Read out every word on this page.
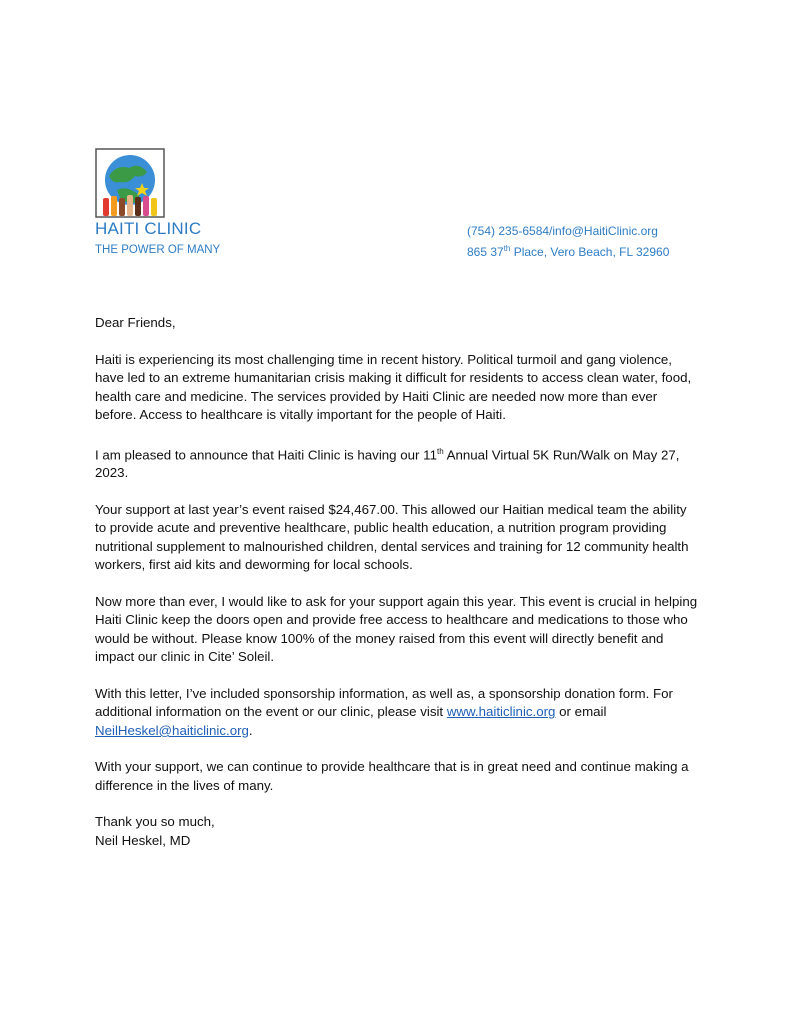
HAITI CLINIC
THE POWER OF MANY
(754) 235-6584/info@HaitiClinic.org
865 37th Place, Vero Beach, FL 32960

Dear Friends,

Haiti is experiencing its most challenging time in recent history. Political turmoil and gang violence, have led to an extreme humanitarian crisis making it difficult for residents to access clean water, food, health care and medicine. The services provided by Haiti Clinic are needed now more than ever before. Access to healthcare is vitally important for the people of Haiti.

I am pleased to announce that Haiti Clinic is having our 11th Annual Virtual 5K Run/Walk on May 27, 2023.

Your support at last year’s event raised $24,467.00. This allowed our Haitian medical team the ability to provide acute and preventive healthcare, public health education, a nutrition program providing nutritional supplement to malnourished children, dental services and training for 12 community health workers, first aid kits and deworming for local schools.

Now more than ever, I would like to ask for your support again this year. This event is crucial in helping Haiti Clinic keep the doors open and provide free access to healthcare and medications to those who would be without. Please know 100% of the money raised from this event will directly benefit and impact our clinic in Cite’ Soleil.

With this letter, I’ve included sponsorship information, as well as, a sponsorship donation form. For additional information on the event or our clinic, please visit www.haiticlinic.org or email NeilHeskel@haiticlinic.org.

With your support, we can continue to provide healthcare that is in great need and continue making a difference in the lives of many.

Thank you so much,

Neil Heskel, MD
